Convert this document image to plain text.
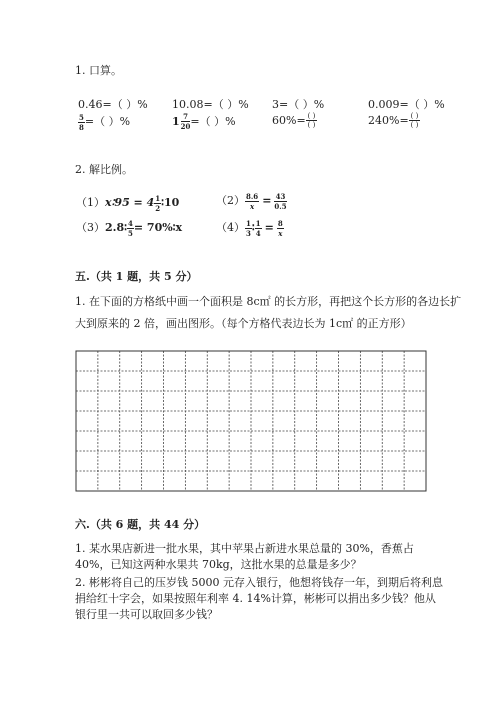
1. 口算。
0.46=（ ）% 10.08=（ ）% 3=（ ）%	0.009=（ ）%
$\frac{5}{8}$ =（ ）%	$1 \frac{7}{20}$ =（ ）%	$60\%= \frac{( )}{( )}$	$240\%= \frac{( )}{( )}$
2. 解比例。
（1）x∶95 = $4 \frac{1}{2}$ ∶10	$(2) \frac{8.6}{x} = \frac{43}{0.5}$
（3）2.8∶ $\frac{4}{5}$ = 70%∶x	$(4) \frac{1}{3}$ ∶ $\frac{1}{4} = \frac{8}{x}$
五.（共 1 题，共 5 分）
1. 在下面的方格纸中画一个面积是 8c㎡ 的长方形，再把这个长方形的各边长扩
大到原来的 2 倍，画出图形。（每个方格代表边长为 1c㎡ 的正方形）
六.（共 6 题，共 44 分）
1. 某水果店新进一批水果，其中苹果占新进水果总量的 30%，香蕉占 40%，已知这两种水果共 70kg，这批水果的总量是多少？
2. 彬彬将自己的压岁钱 5000 元存入银行，他想将钱存一年，到期后将利息捐给红十字会，如果按照年利率 4. 14%计算，彬彬可以捐出多少钱？他从银行里一共可以取回多少钱？
